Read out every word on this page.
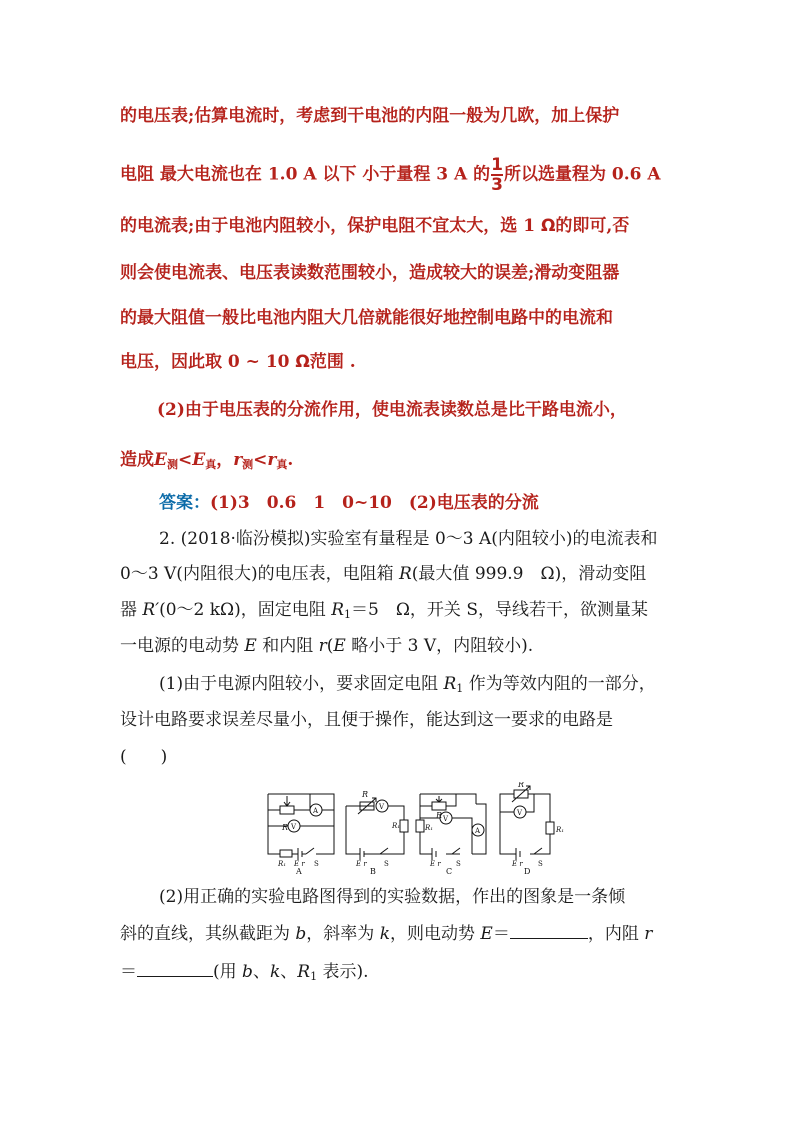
的电压表;估算电流时，考虑到干电池的内阻一般为几欧，加上保护
电阻 最大电流也在 1.0 A 以下 小于量程 3 A 的 $\frac{1}{3}$ 所以选量程为 0.6 A
的电流表;由于电池内阻较小，保护电阻不宜太大，选 1 Ω的即可,否
则会使电流表、电压表读数范围较小，造成较大的误差;滑动变阻器
的最大阻值一般比电池内阻大几倍就能很好地控制电路中的电流和
电压，因此取 0 ~ 10 Ω范围 .
(2)由于电压表的分流作用，使电流表读数总是比干路电流小，
造成$E_测<E_真$，$r_测<r_真$.
答案：(1)3　0.6　1　0~10　(2)电压表的分流
2. (2018·临汾模拟)实验室有量程是 0～3 A(内阻较小)的电流表和
0～3 V(内阻很大)的电压表，电阻箱 R(最大值 999.9　Ω)，滑动变阻
器 R′(0～2 kΩ)，固定电阻 $R_1=5$　Ω，开关 S，导线若干，欲测量某
一电源的电动势 E 和内阻 r(E 略小于 3 V，内阻较小).
(1)由于电源内阻较小，要求固定电阻 $R_1$ 作为等效内阻的一部分，
设计电路要求误差尽量小，且便于操作，能达到这一要求的电路是
(　　)
R
A
V
R₁ E r S
A
R
V
R₁
E r S
B
R V
A
R₁
E r S
C
R
V
R₁
E r S
D
(2)用正确的实验电路图得到的实验数据，作出的图象是一条倾
斜的直线，其纵截距为 b，斜率为 k，则电动势 E＝	，内阻 r
＝	(用 b、k、$R_1$ 表示).
